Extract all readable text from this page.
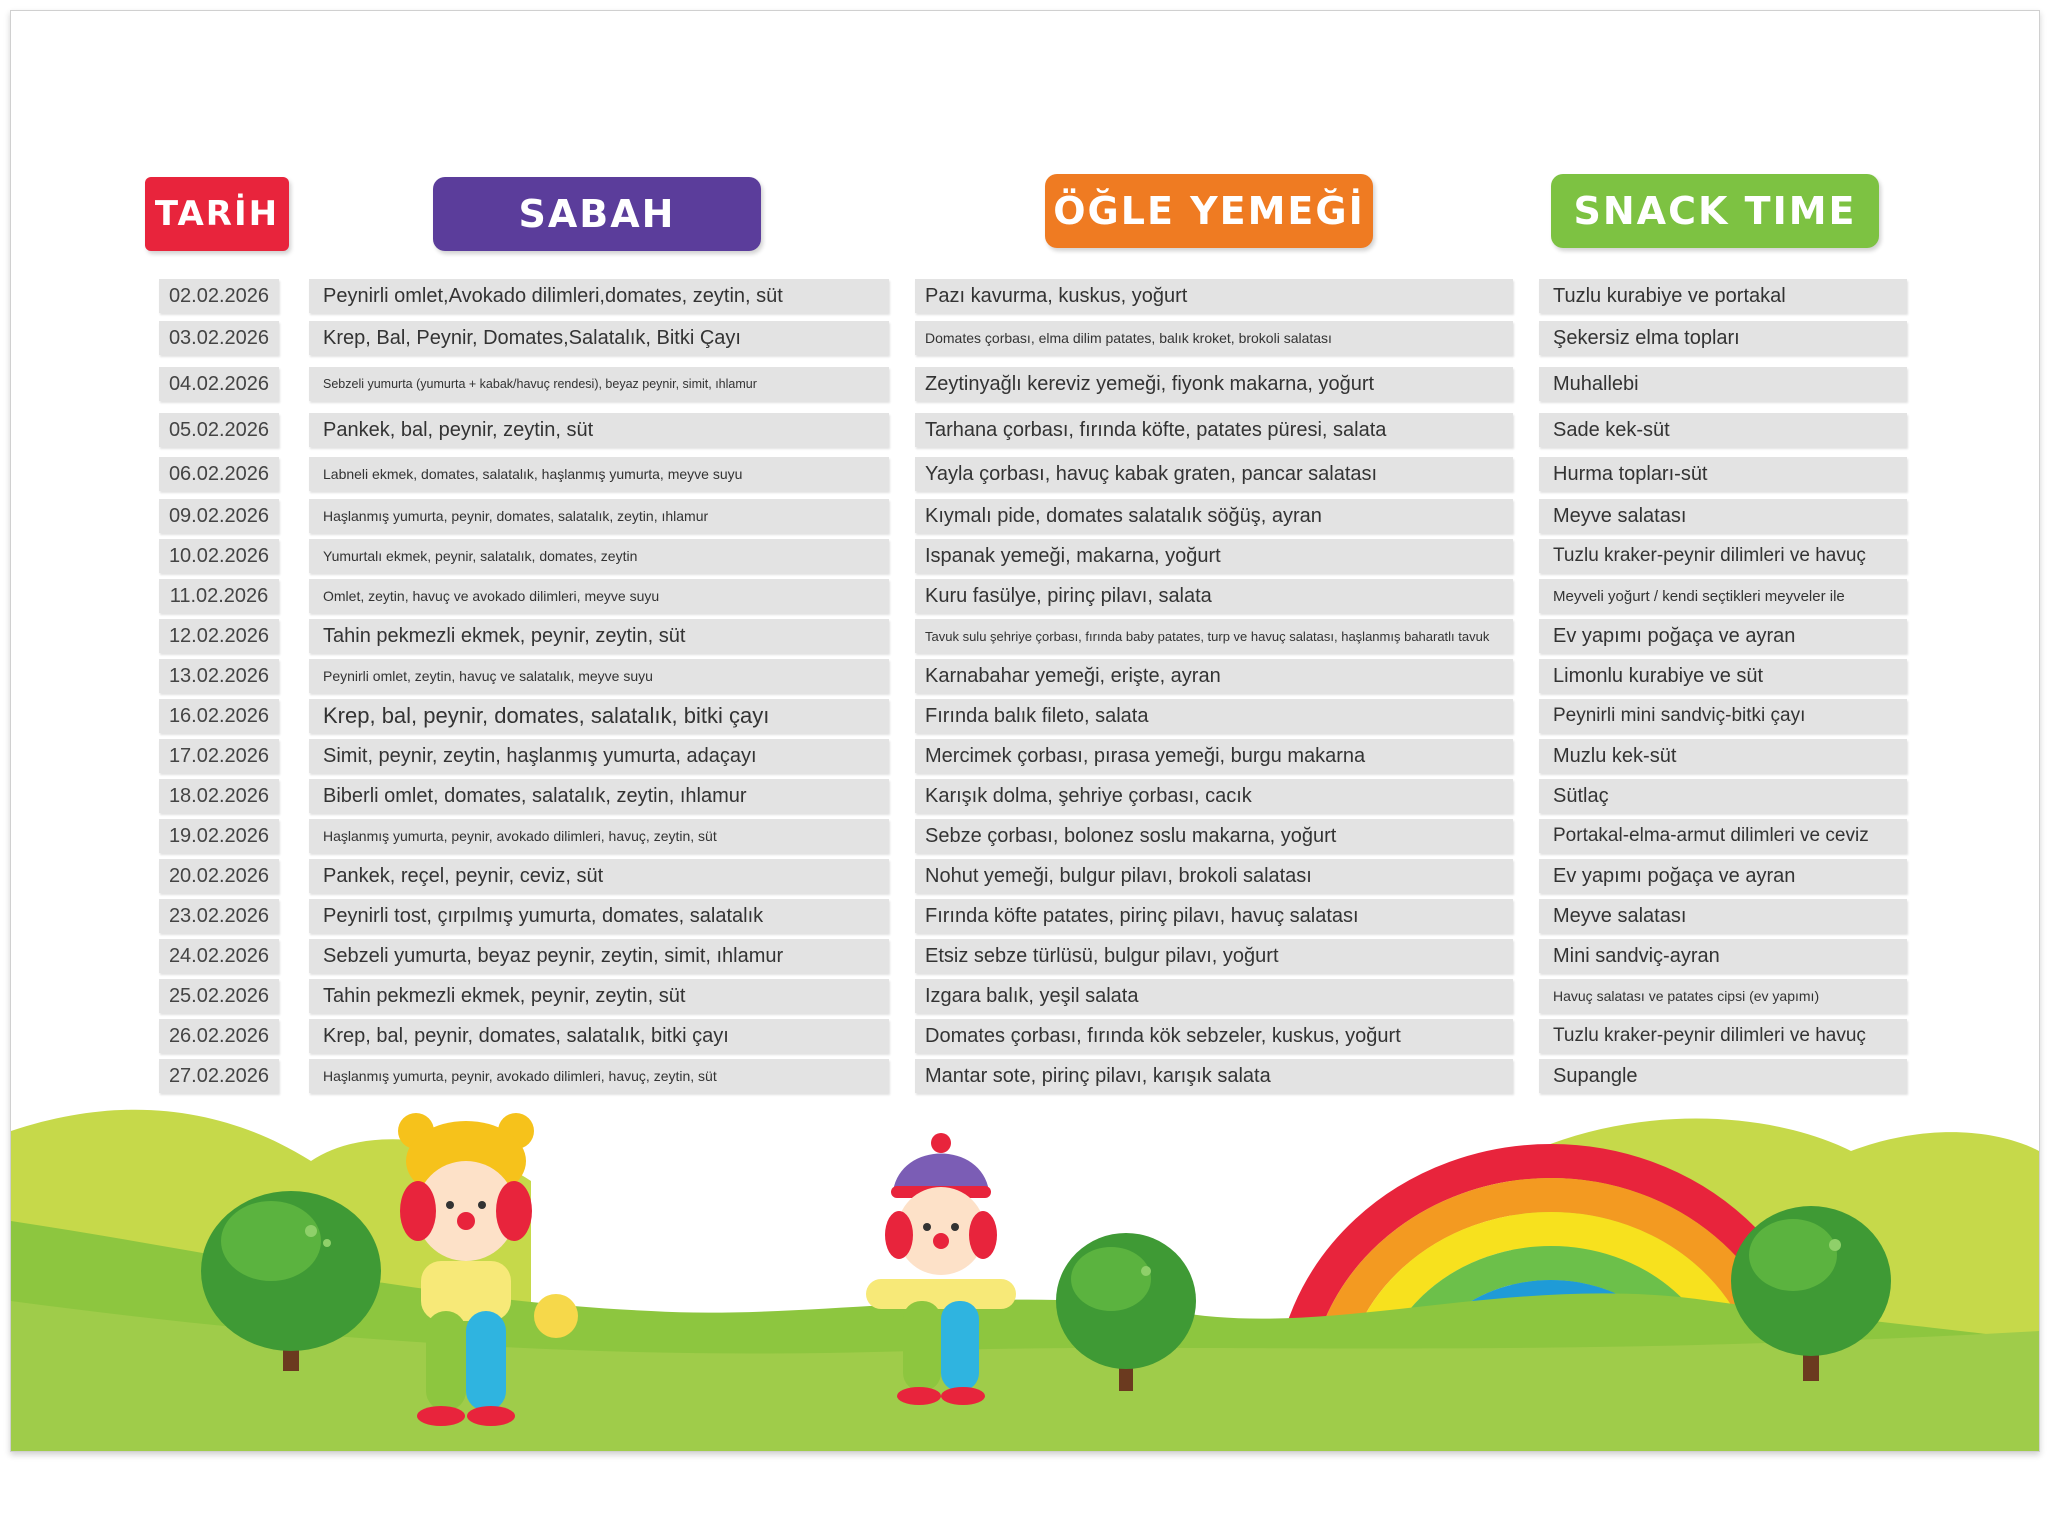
TARİH	SABAH	ÖĞLE YEMEĞİ	SNACK TIME
02.02.2026	Peynirli omlet,Avokado dilimleri,domates, zeytin, süt	Pazı kavurma, kuskus, yoğurt	Tuzlu kurabiye ve portakal
03.02.2026	Krep, Bal, Peynir, Domates,Salatalık, Bitki Çayı	Domates çorbası, elma dilim patates, balık kroket, brokoli salatası	Şekersiz elma topları
04.02.2026	Sebzeli yumurta (yumurta + kabak/havuç rendesi), beyaz peynir, simit, ıhlamur	Zeytinyağlı kereviz yemeği, fiyonk makarna, yoğurt	Muhallebi
05.02.2026	Pankek, bal, peynir, zeytin, süt	Tarhana çorbası, fırında köfte, patates püresi, salata	Sade kek-süt
06.02.2026	Labneli ekmek, domates, salatalık, haşlanmış yumurta, meyve suyu	Yayla çorbası, havuç kabak graten, pancar salatası	Hurma topları-süt
09.02.2026	Haşlanmış yumurta, peynir, domates, salatalık, zeytin, ıhlamur	Kıymalı pide, domates salatalık söğüş, ayran	Meyve salatası
10.02.2026	Yumurtalı ekmek, peynir, salatalık, domates, zeytin	Ispanak yemeği, makarna, yoğurt	Tuzlu kraker-peynir dilimleri ve havuç
11.02.2026	Omlet, zeytin, havuç ve avokado dilimleri, meyve suyu	Kuru fasülye, pirinç pilavı, salata	Meyveli yoğurt / kendi seçtikleri meyveler ile
12.02.2026	Tahin pekmezli ekmek, peynir, zeytin, süt	Tavuk sulu şehriye çorbası, fırında baby patates, turp ve havuç salatası, haşlanmış baharatlı tavuk	Ev yapımı poğaça ve ayran
13.02.2026	Peynirli omlet, zeytin, havuç ve salatalık, meyve suyu	Karnabahar yemeği, erişte, ayran	Limonlu kurabiye ve süt
16.02.2026	Krep, bal, peynir, domates, salatalık, bitki çayı	Fırında balık fileto, salata	Peynirli mini sandviç-bitki çayı
17.02.2026	Simit, peynir, zeytin, haşlanmış yumurta, adaçayı	Mercimek çorbası, pırasa yemeği, burgu makarna	Muzlu kek-süt
18.02.2026	Biberli omlet, domates, salatalık, zeytin, ıhlamur	Karışık dolma, şehriye çorbası, cacık	Sütlaç
19.02.2026	Haşlanmış yumurta, peynir, avokado dilimleri, havuç, zeytin, süt	Sebze çorbası, bolonez soslu makarna, yoğurt	Portakal-elma-armut dilimleri ve ceviz
20.02.2026	Pankek, reçel, peynir, ceviz, süt	Nohut yemeği, bulgur pilavı, brokoli salatası	Ev yapımı poğaça ve ayran
23.02.2026	Peynirli tost, çırpılmış yumurta, domates, salatalık	Fırında köfte patates, pirinç pilavı, havuç salatası	Meyve salatası
24.02.2026	Sebzeli yumurta, beyaz peynir, zeytin, simit, ıhlamur	Etsiz sebze türlüsü, bulgur pilavı, yoğurt	Mini sandviç-ayran
25.02.2026	Tahin pekmezli ekmek, peynir, zeytin, süt	Izgara balık, yeşil salata	Havuç salatası ve patates cipsi (ev yapımı)
26.02.2026	Krep, bal, peynir, domates, salatalık, bitki çayı	Domates çorbası, fırında kök sebzeler, kuskus, yoğurt	Tuzlu kraker-peynir dilimleri ve havuç
27.02.2026	Haşlanmış yumurta, peynir, avokado dilimleri, havuç, zeytin, süt	Mantar sote, pirinç pilavı, karışık salata	Supangle
